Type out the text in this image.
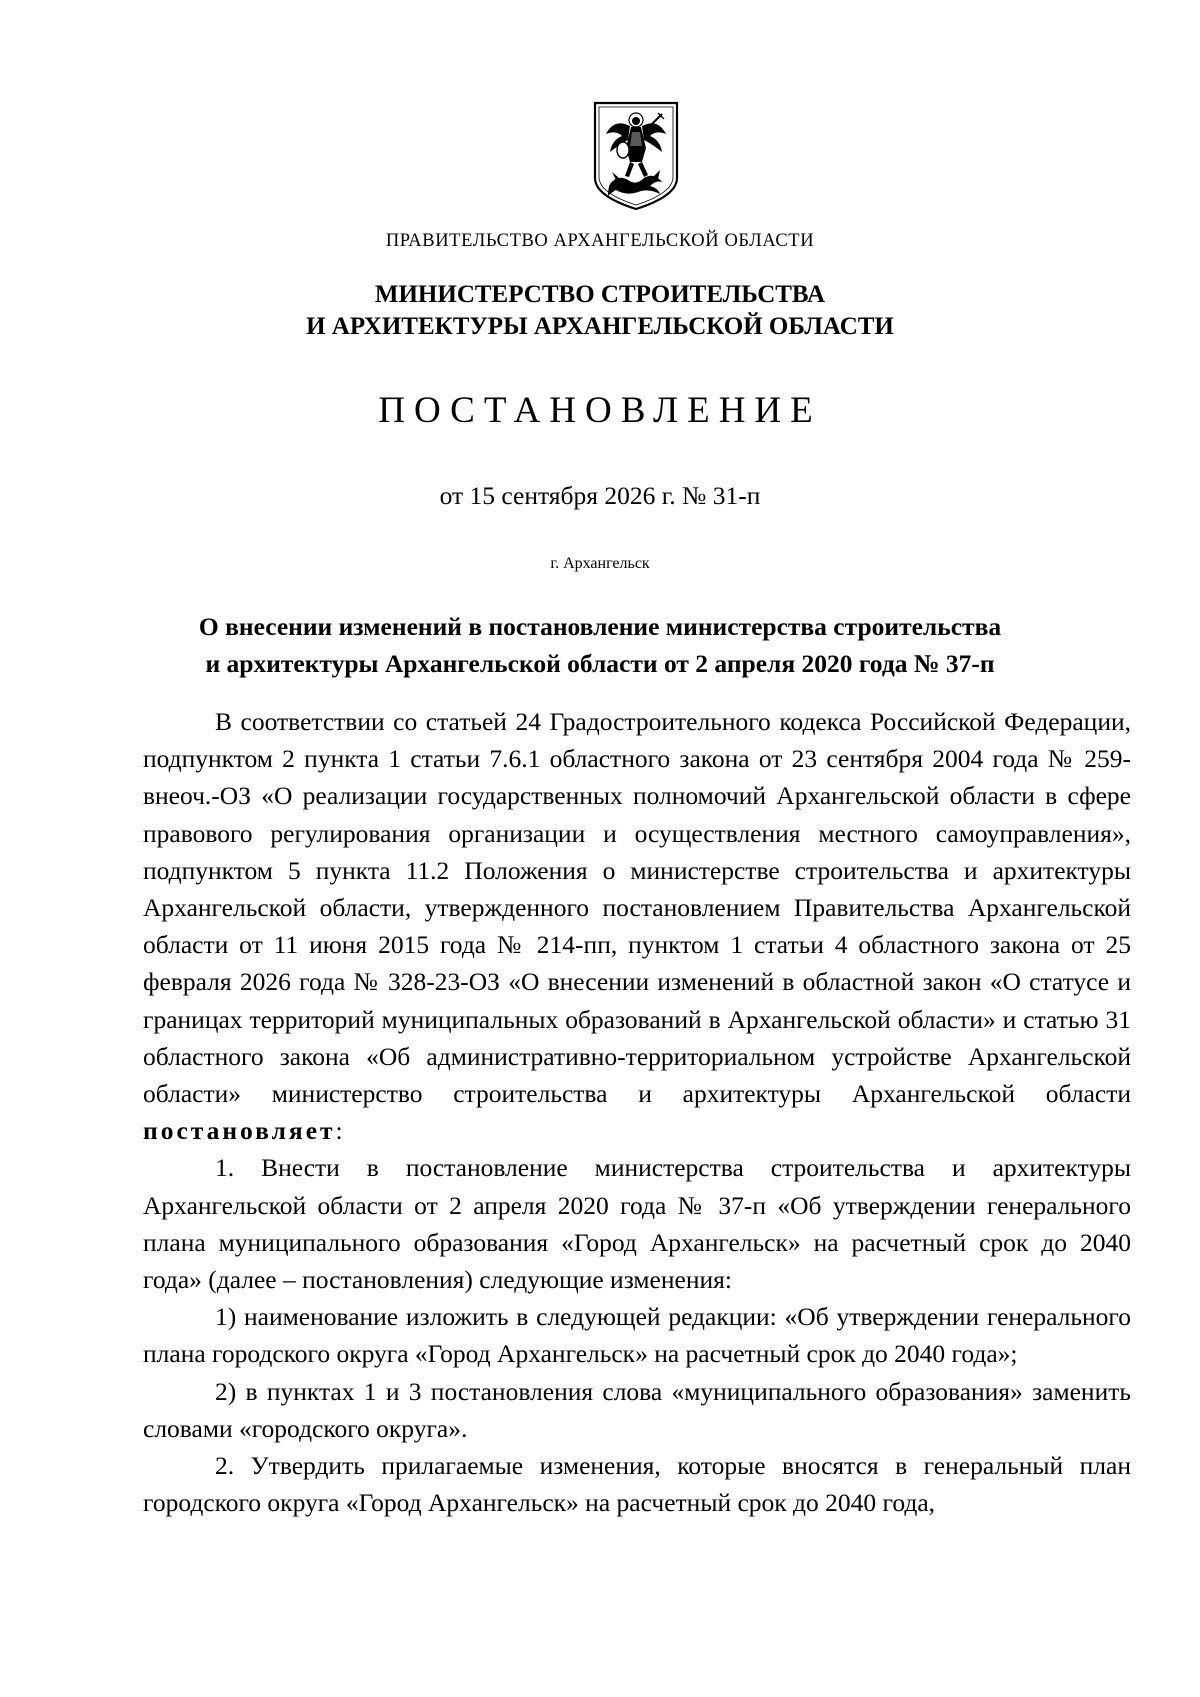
ПРАВИТЕЛЬСТВО АРХАНГЕЛЬСКОЙ ОБЛАСТИ
МИНИСТЕРСТВО СТРОИТЕЛЬСТВА
И АРХИТЕКТУРЫ АРХАНГЕЛЬСКОЙ ОБЛАСТИ
ПОСТАНОВЛЕНИЕ
от 15 сентября 2026 г. № 31-п
г. Архангельск
О внесении изменений в постановление министерства строительства
и архитектуры Архангельской области от 2 апреля 2020 года № 37-п

В соответствии со статьей 24 Градостроительного кодекса Российской Федерации, подпунктом 2 пункта 1 статьи 7.6.1 областного закона от 23 сентября 2004 года № 259-внеоч.-ОЗ «О реализации государственных полномочий Архангельской области в сфере правового регулирования организации и осуществления местного самоуправления», подпунктом 5 пункта 11.2 Положения о министерстве строительства и архитектуры Архангельской области, утвержденного постановлением Правительства Архангельской области от 11 июня 2015 года № 214-пп, пунктом 1 статьи 4 областного закона от 25 февраля 2026 года № 328-23-ОЗ «О внесении изменений в областной закон «О статусе и границах территорий муниципальных образований в Архангельской области» и статью 31 областного закона «Об административно-территориальном устройстве Архангельской области» министерство строительства и архитектуры Архангельской области постановляет:

1. Внести в постановление министерства строительства и архитектуры Архангельской области от 2 апреля 2020 года № 37-п «Об утверждении генерального плана муниципального образования «Город Архангельск» на расчетный срок до 2040 года» (далее – постановления) следующие изменения:

1) наименование изложить в следующей редакции: «Об утверждении генерального плана городского округа «Город Архангельск» на расчетный срок до 2040 года»;

2) в пунктах 1 и 3 постановления слова «муниципального образования» заменить словами «городского округа».

2. Утвердить прилагаемые изменения, которые вносятся в генеральный план городского округа «Город Архангельск» на расчетный срок до 2040 года,
